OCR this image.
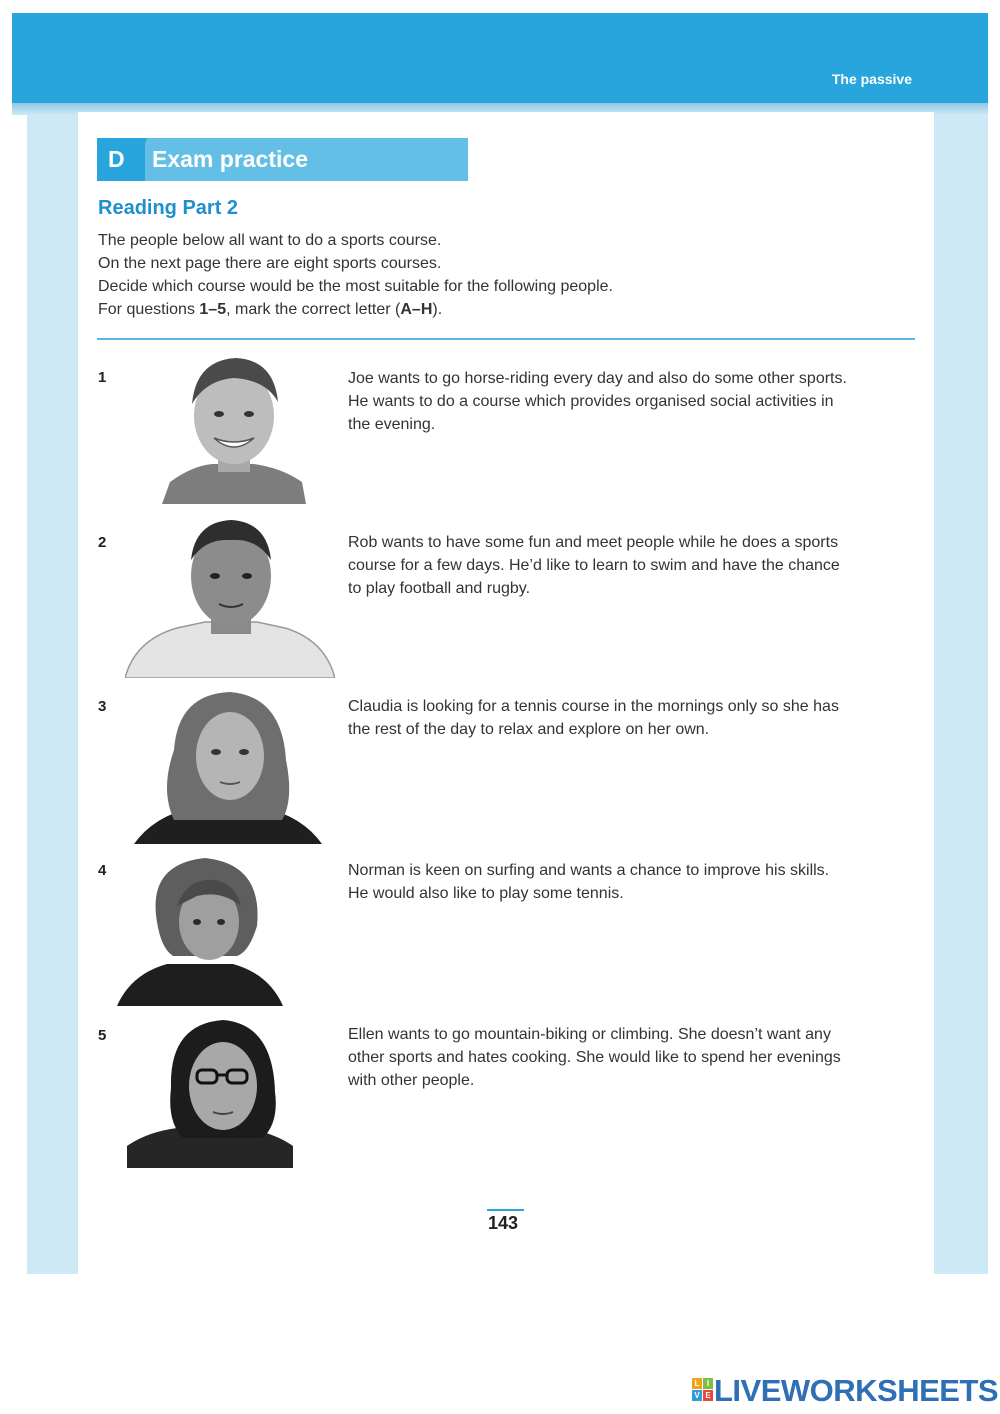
The passive
D Exam practice
Reading Part 2
The people below all want to do a sports course.
On the next page there are eight sports courses.
Decide which course would be the most suitable for the following people.
For questions 1–5, mark the correct letter (A–H).
1	Joe wants to go horse-riding every day and also do some other sports.
He wants to do a course which provides organised social activities in
the evening.
2	Rob wants to have some fun and meet people while he does a sports
course for a few days. He’d like to learn to swim and have the chance
to play football and rugby.
3	Claudia is looking for a tennis course in the mornings only so she has
the rest of the day to relax and explore on her own.
4	Norman is keen on surfing and wants a chance to improve his skills.
He would also like to play some tennis.
5	Ellen wants to go mountain-biking or climbing. She doesn’t want any
other sports and hates cooking. She would like to spend her evenings
with other people.
143
L I
V E LIVEWORKSHEETS
